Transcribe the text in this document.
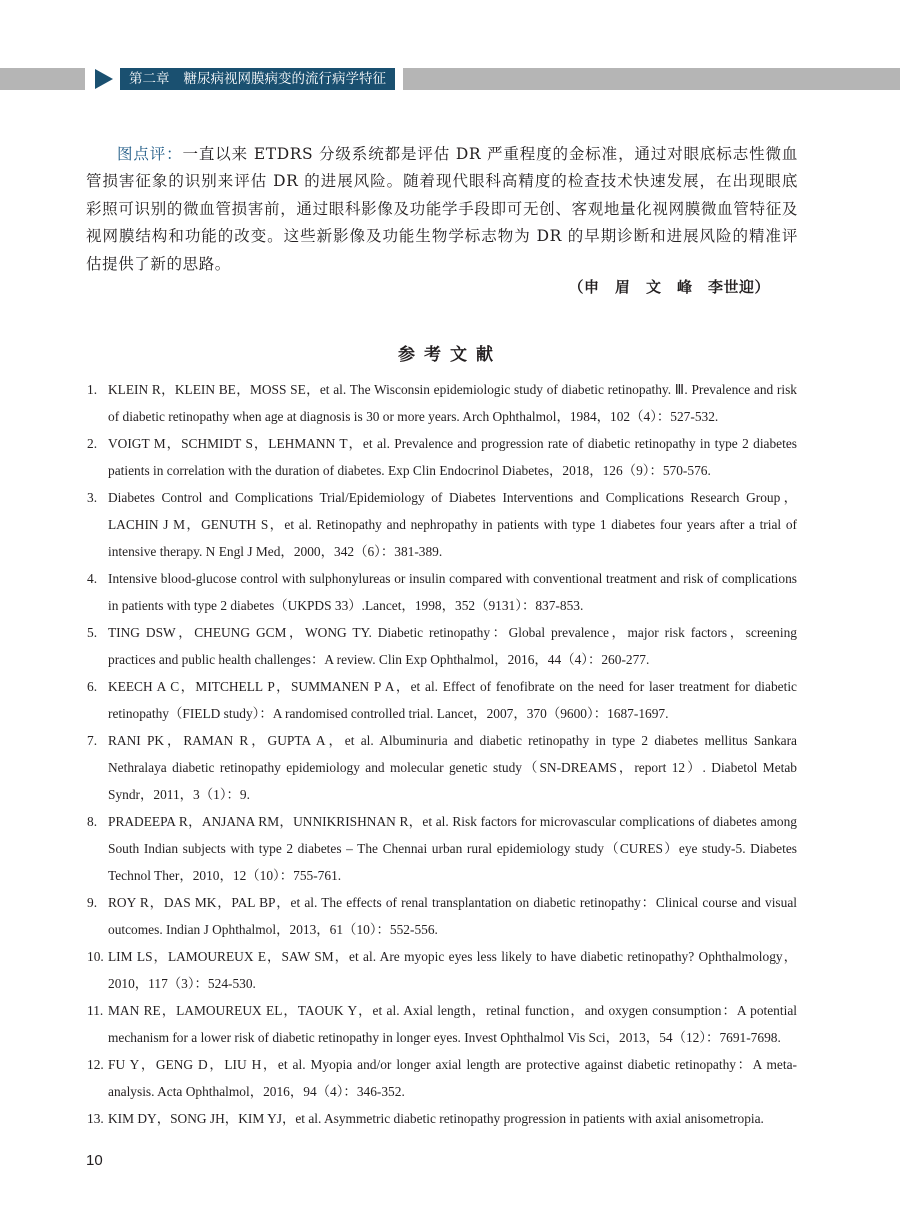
第二章 糖尿病视网膜病变的流行病学特征

图点评：一直以来 ETDRS 分级系统都是评估 DR 严重程度的金标准，通过对眼底标志性微血管损害征象的识别来评估 DR 的进展风险。随着现代眼科高精度的检查技术快速发展，在出现眼底彩照可识别的微血管损害前，通过眼科影像及功能学手段即可无创、客观地量化视网膜微血管特征及视网膜结构和功能的改变。这些新影像及功能生物学标志物为 DR 的早期诊断和进展风险的精准评估提供了新的思路。

（申　眉　文　峰　李世迎）
参考文献
1. KLEIN R，KLEIN BE，MOSS SE，et al. The Wisconsin epidemiologic study of diabetic retinopathy. Ⅲ. Prevalence and risk of diabetic retinopathy when age at diagnosis is 30 or more years. Arch Ophthalmol，1984，102（4）：527-532.
2. VOIGT M，SCHMIDT S，LEHMANN T，et al. Prevalence and progression rate of diabetic retinopathy in type 2 diabetes patients in correlation with the duration of diabetes. Exp Clin Endocrinol Diabetes，2018，126（9）：570-576.
3. Diabetes Control and Complications Trial/Epidemiology of Diabetes Interventions and Complications Research Group，LACHIN J M，GENUTH S，et al. Retinopathy and nephropathy in patients with type 1 diabetes four years after a trial of intensive therapy. N Engl J Med，2000，342（6）：381-389.
4. Intensive blood-glucose control with sulphonylureas or insulin compared with conventional treatment and risk of complications in patients with type 2 diabetes（UKPDS 33）.Lancet，1998，352（9131）：837-853.
5. TING DSW，CHEUNG GCM，WONG TY. Diabetic retinopathy：Global prevalence，major risk factors，screening practices and public health challenges：A review. Clin Exp Ophthalmol，2016，44（4）：260-277.
6. KEECH A C，MITCHELL P，SUMMANEN P A，et al. Effect of fenofibrate on the need for laser treatment for diabetic retinopathy（FIELD study）：A randomised controlled trial. Lancet，2007，370（9600）：1687-1697.
7. RANI PK，RAMAN R，GUPTA A，et al. Albuminuria and diabetic retinopathy in type 2 diabetes mellitus Sankara Nethralaya diabetic retinopathy epidemiology and molecular genetic study（SN-DREAMS，report 12）. Diabetol Metab Syndr，2011，3（1）：9.
8. PRADEEPA R，ANJANA RM，UNNIKRISHNAN R，et al. Risk factors for microvascular complications of diabetes among South Indian subjects with type 2 diabetes – The Chennai urban rural epidemiology study（CURES）eye study-5. Diabetes Technol Ther，2010，12（10）：755-761.
9. ROY R，DAS MK，PAL BP，et al. The effects of renal transplantation on diabetic retinopathy：Clinical course and visual outcomes. Indian J Ophthalmol，2013，61（10）：552-556.
10. LIM LS，LAMOUREUX E，SAW SM，et al. Are myopic eyes less likely to have diabetic retinopathy? Ophthalmology，2010，117（3）：524-530.
11. MAN RE，LAMOUREUX EL，TAOUK Y，et al. Axial length，retinal function，and oxygen consumption：A potential mechanism for a lower risk of diabetic retinopathy in longer eyes. Invest Ophthalmol Vis Sci，2013，54（12）：7691-7698.
12. FU Y，GENG D，LIU H，et al. Myopia and/or longer axial length are protective against diabetic retinopathy：A meta-analysis. Acta Ophthalmol，2016，94（4）：346-352.
13. KIM DY，SONG JH，KIM YJ，et al. Asymmetric diabetic retinopathy progression in patients with axial anisometropia.
10
